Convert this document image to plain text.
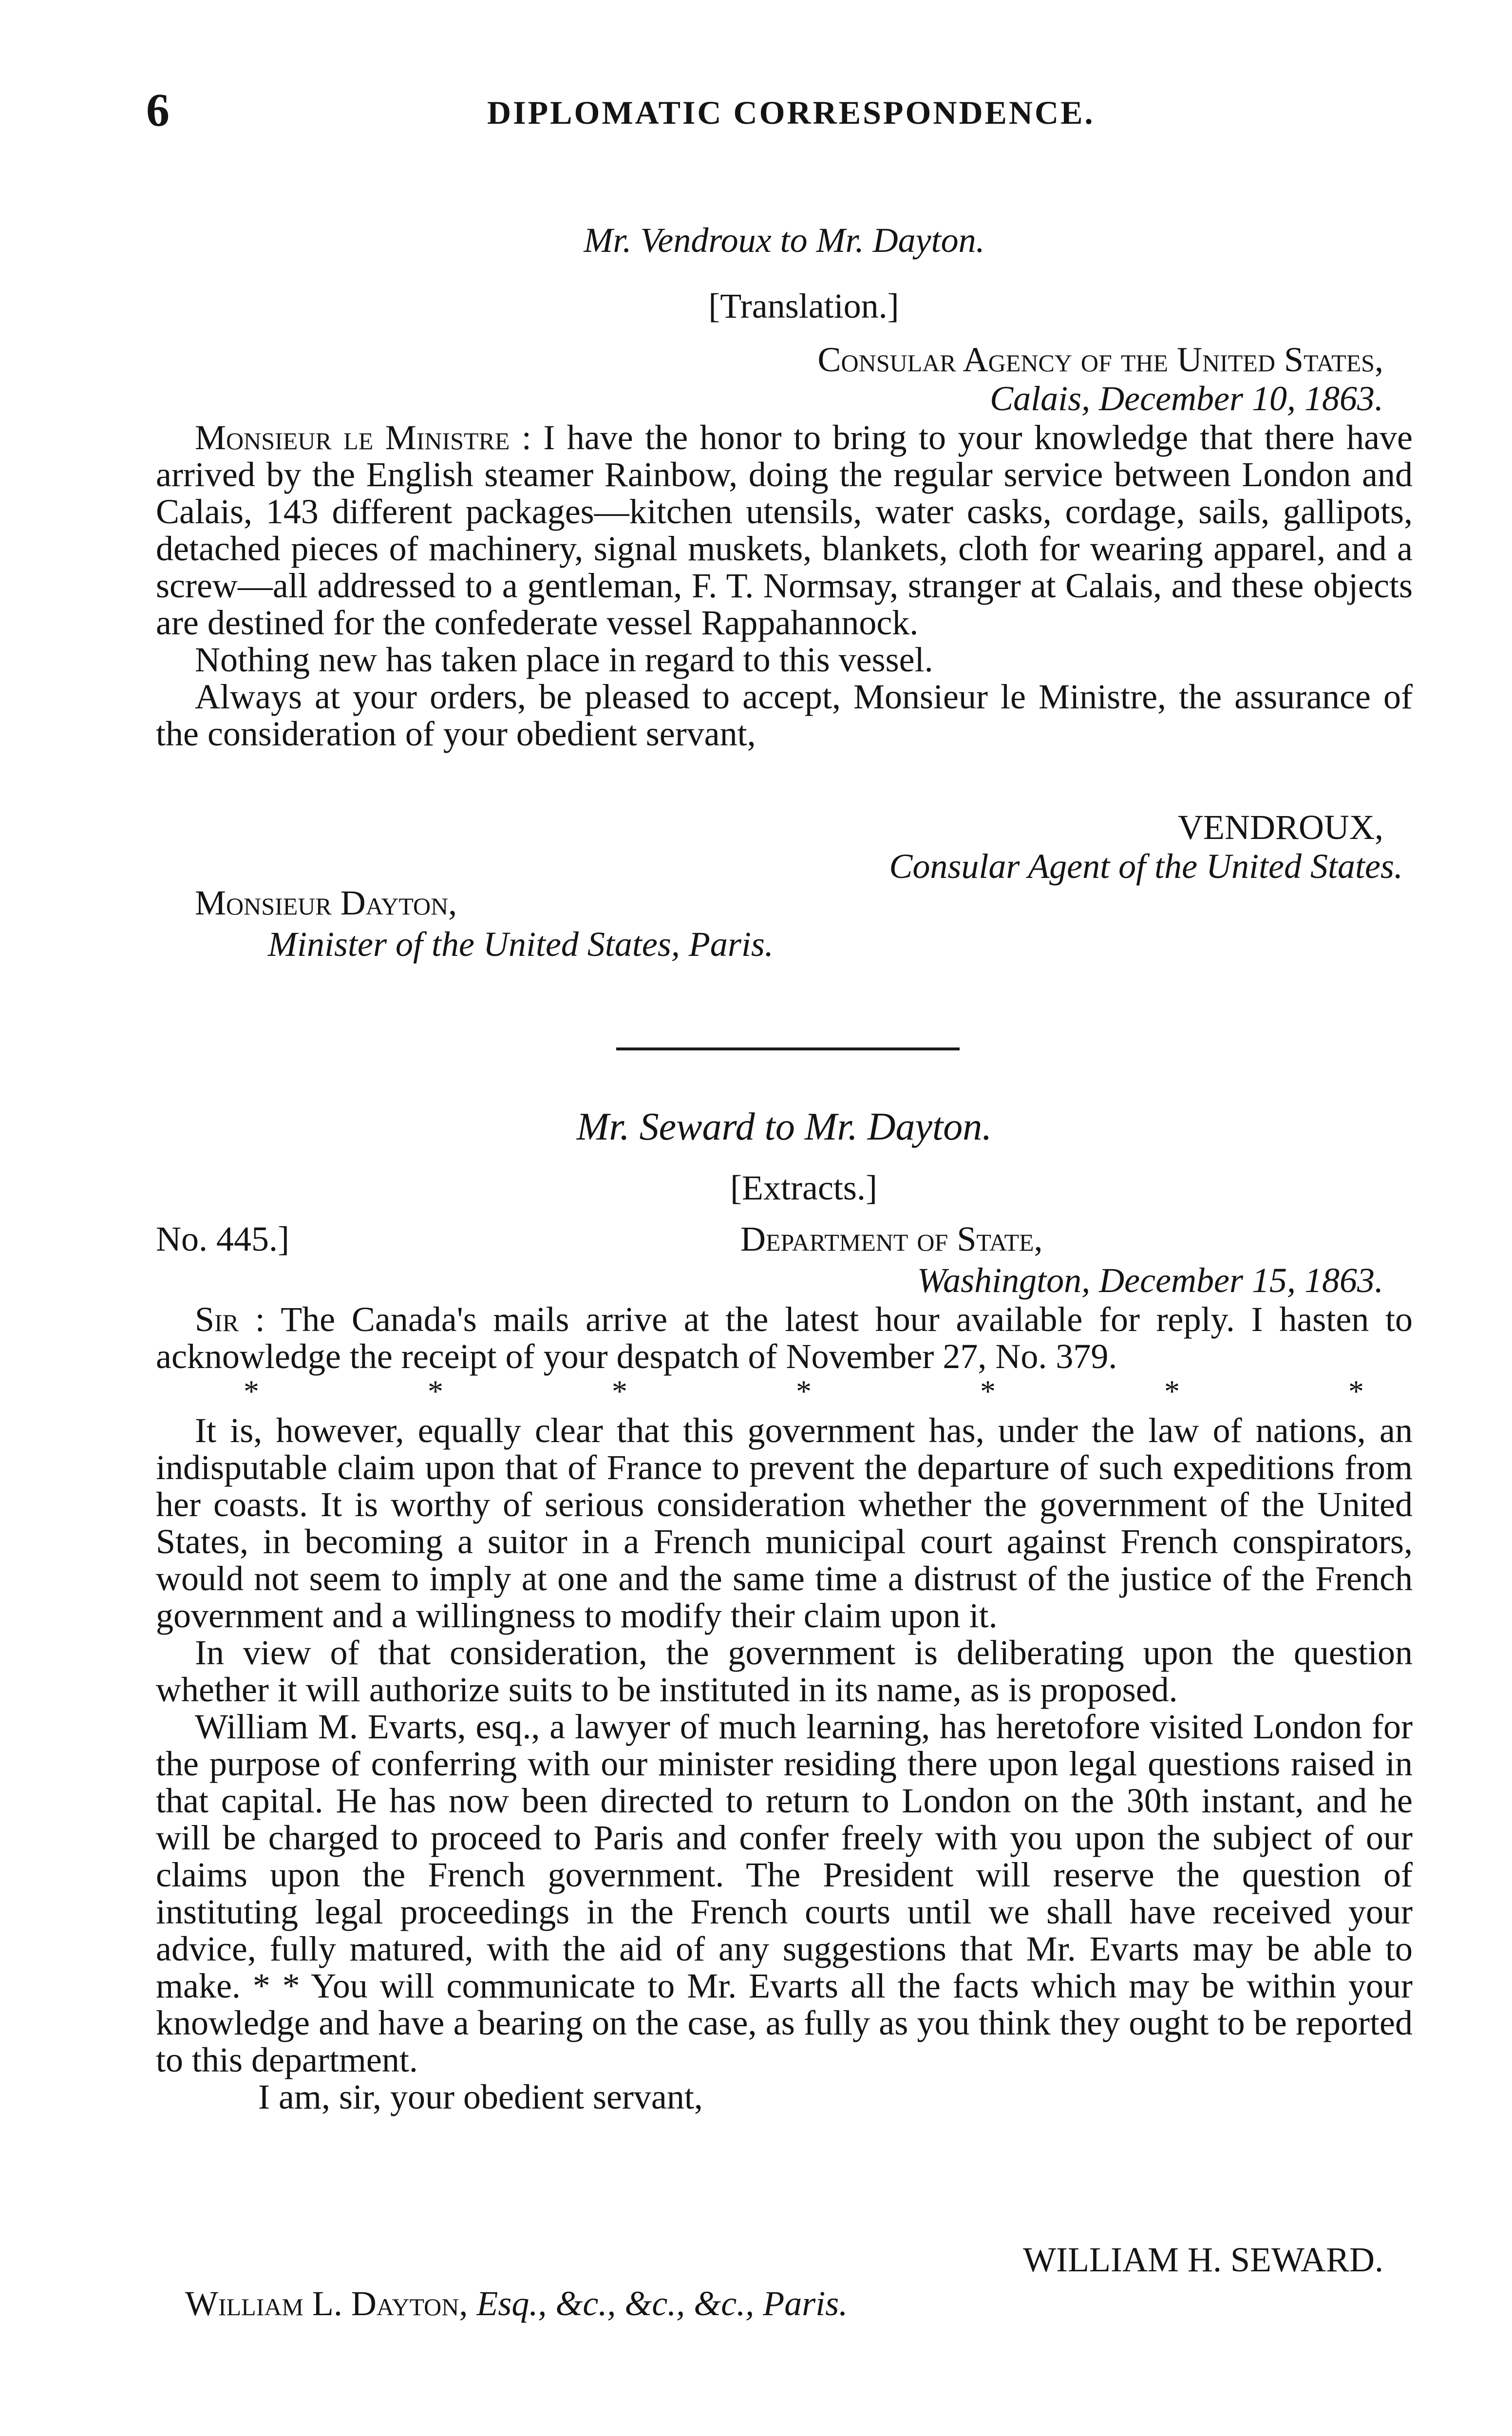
6	DIPLOMATIC CORRESPONDENCE.
Mr. Vendroux to Mr. Dayton.
[Translation.]
Consular Agency of the United States,
Calais, December 10, 1863.

Monsieur le Ministre : I have the honor to bring to your knowledge that there have arrived by the English steamer Rainbow, doing the regular service between London and Calais, 143 different packages—kitchen utensils, water casks, cordage, sails, gallipots, detached pieces of machinery, signal muskets, blankets, cloth for wearing apparel, and a screw—all addressed to a gentleman, F. T. Normsay, stranger at Calais, and these objects are destined for the confederate vessel Rappahannock.

Nothing new has taken place in regard to this vessel.

Always at your orders, be pleased to accept, Monsieur le Ministre, the assurance of the consideration of your obedient servant,

VENDROUX,
Consular Agent of the United States.
Monsieur Dayton,
Minister of the United States, Paris.
Mr. Seward to Mr. Dayton.
[Extracts.]
No. 445.]	Department of State,
Washington, December 15, 1863.

Sir : The Canada's mails arrive at the latest hour available for reply. I hasten to acknowledge the receipt of your despatch of November 27, No. 379.

*	*	*	*	*	*	*

It is, however, equally clear that this government has, under the law of nations, an indisputable claim upon that of France to prevent the departure of such expeditions from her coasts. It is worthy of serious consideration whether the government of the United States, in becoming a suitor in a French municipal court against French conspirators, would not seem to imply at one and the same time a distrust of the justice of the French government and a willingness to modify their claim upon it.

In view of that consideration, the government is deliberating upon the question whether it will authorize suits to be instituted in its name, as is proposed.

William M. Evarts, esq., a lawyer of much learning, has heretofore visited London for the purpose of conferring with our minister residing there upon legal questions raised in that capital. He has now been directed to return to London on the 30th instant, and he will be charged to proceed to Paris and confer freely with you upon the subject of our claims upon the French government. The President will reserve the question of instituting legal proceedings in the French courts until we shall have received your advice, fully matured, with the aid of any suggestions that Mr. Evarts may be able to make. * * You will communicate to Mr. Evarts all the facts which may be within your knowledge and have a bearing on the case, as fully as you think they ought to be reported to this department.

I am, sir, your obedient servant,

WILLIAM H. SEWARD.
William L. Dayton, Esq., &c., &c., &c., Paris.
